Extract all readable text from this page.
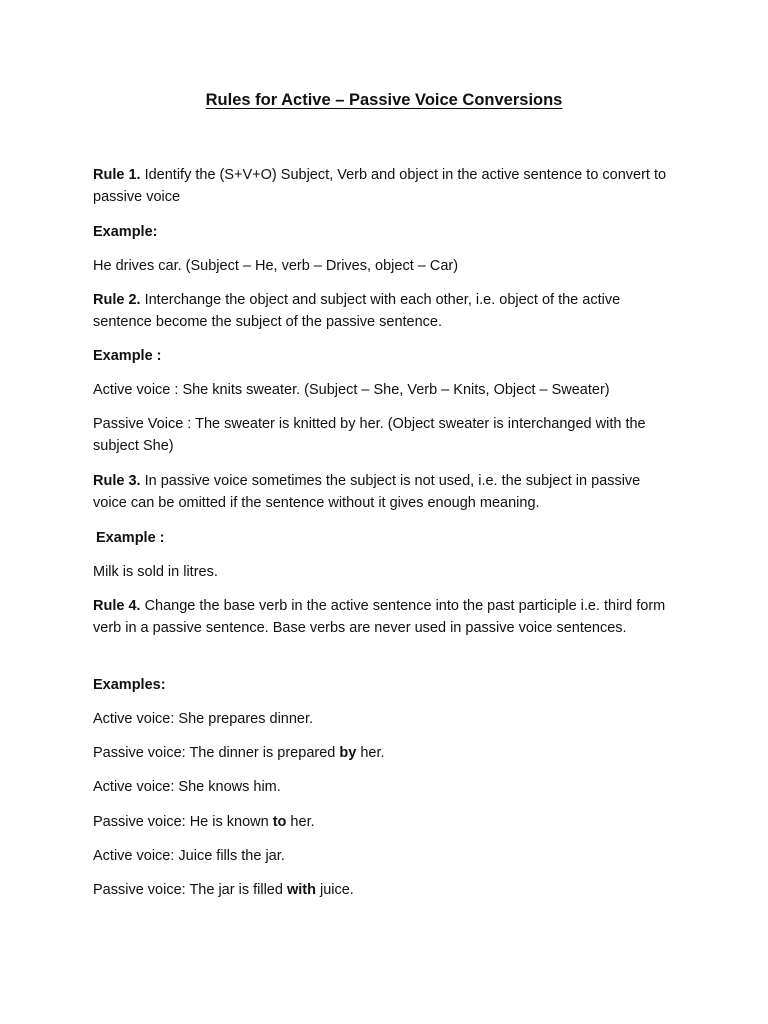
Rules for Active – Passive Voice Conversions

Rule 1. Identify the (S+V+O) Subject, Verb and object in the active sentence to convert to passive voice

Example:

He drives car. (Subject – He, verb – Drives, object – Car)

Rule 2. Interchange the object and subject with each other, i.e. object of the active sentence become the subject of the passive sentence.

Example :

Active voice : She knits sweater. (Subject – She, Verb – Knits, Object – Sweater)

Passive Voice : The sweater is knitted by her. (Object sweater is interchanged with the subject She)

Rule 3. In passive voice sometimes the subject is not used, i.e. the subject in passive voice can be omitted if the sentence without it gives enough meaning.

Example :

Milk is sold in litres.

Rule 4. Change the base verb in the active sentence into the past participle i.e. third form verb in a passive sentence. Base verbs are never used in passive voice sentences.

Examples:

Active voice: She prepares dinner.

Passive voice: The dinner is prepared by her.

Active voice: She knows him.

Passive voice: He is known to her.

Active voice: Juice fills the jar.

Passive voice: The jar is filled with juice.
